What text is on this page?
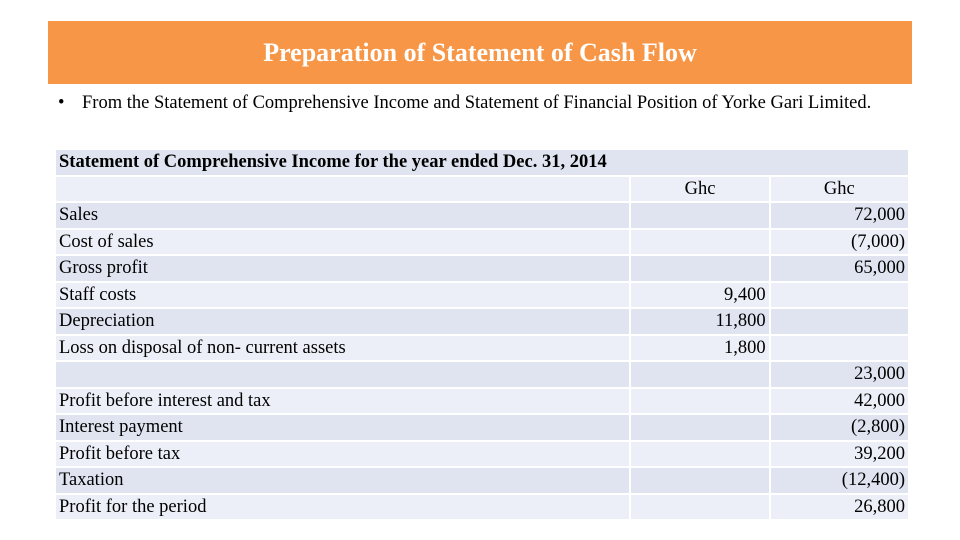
Preparation of Statement of Cash Flow
• From the Statement of Comprehensive Income and Statement of Financial Position of Yorke Gari Limited.
Statement of Comprehensive Income for the year ended Dec. 31, 2014		
	Ghc	Ghc
Sales		72,000
Cost of sales		(7,000)
Gross profit		65,000
Staff costs	9,400	
Depreciation	11,800	
Loss on disposal of non- current assets	1,800	
		23,000
Profit before interest and tax		42,000
Interest payment		(2,800)
Profit before tax		39,200
Taxation		(12,400)
Profit for the period		26,800
